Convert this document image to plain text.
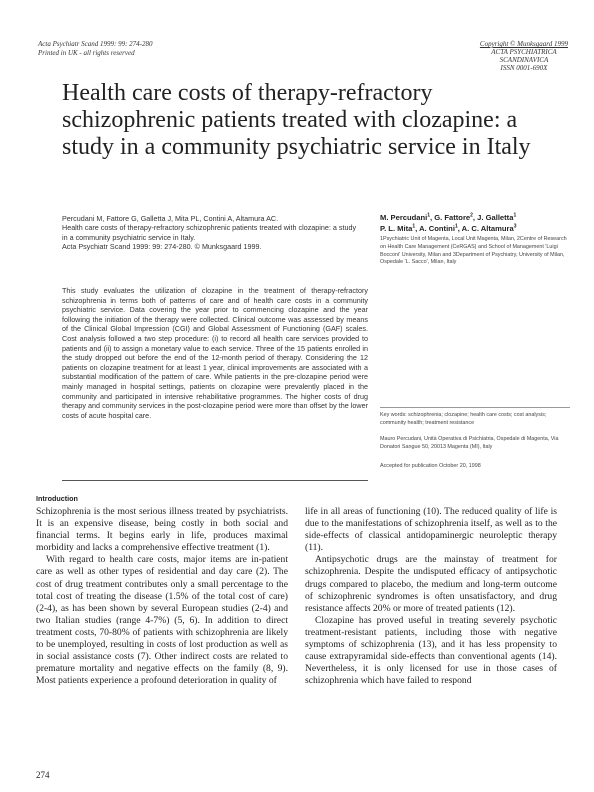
Acta Psychiatr Scand 1999: 99: 274-280
Printed in UK - all rights reserved
Copyright © Munksgaard 1999
ACTA PSYCHIATRICA
SCANDINAVICA
ISSN 0001-690X
Health care costs of therapy-refractory schizophrenic patients treated with clozapine: a study in a community psychiatric service in Italy
Percudani M, Fattore G, Galletta J, Mita PL, Contini A, Altamura AC.
Health care costs of therapy-refractory schizophrenic patients treated with clozapine: a study in a community psychiatric service in Italy.
Acta Psychiatr Scand 1999: 99: 274-280. © Munksgaard 1999.
This study evaluates the utilization of clozapine in the treatment of therapy-refractory schizophrenia in terms both of patterns of care and of health care costs in a community psychiatric service. Data covering the year prior to commencing clozapine and the year following the initiation of the therapy were collected. Clinical outcome was assessed by means of the Clinical Global Impression (CGI) and Global Assessment of Functioning (GAF) scales. Cost analysis followed a two step procedure: (i) to record all health care services provided to patients and (ii) to assign a monetary value to each service. Three of the 15 patients enrolled in the study dropped out before the end of the 12-month period of therapy. Considering the 12 patients on clozapine treatment for at least 1 year, clinical improvements are associated with a substantial modification of the pattern of care. While patients in the pre-clozapine period were mainly managed in hospital settings, patients on clozapine were prevalently placed in the community and participated in intensive rehabilitative programmes. The higher costs of drug therapy and community services in the post-clozapine period were more than offset by the lower costs of acute hospital care.
M. Percudani$^1$, G. Fattore$^2$, J. Galletta$^1$
P. L. Mita$^1$, A. Contini$^1$, A. C. Altamura$^3$
1Psychiatric Unit of Magenta, Local Unit Magenta, Milan, 2Centre of Research on Health Care Management (CeRGAS) and School of Management 'Luigi Bocconi' University, Milan and 3Department of Psychiatry, University of Milan, Ospedale 'L. Sacco', Milan, Italy
Key words: schizophrenia; clozapine; health care costs; cost analysis; community health; treatment resistance
Mauro Percudani, Unità Operativa di Psichiatria, Ospedale di Magenta, Via Donatori Sangue 50, 20013 Magenta (MI), Italy
Accepted for publication October 20, 1998
Introduction

Schizophrenia is the most serious illness treated by psychiatrists. It is an expensive disease, being costly in both social and financial terms. It begins early in life, produces maximal morbidity and lacks a comprehensive effective treatment (1).

With regard to health care costs, major items are in-patient care as well as other types of residential and day care (2). The cost of drug treatment contributes only a small percentage to the total cost of treating the disease (1.5% of the total cost of care) (2-4), as has been shown by several European studies (2-4) and two Italian studies (range 4-7%) (5, 6). In addition to direct treatment costs, 70-80% of patients with schizophrenia are likely to be unemployed, resulting in costs of lost production as well as in social assistance costs (7). Other indirect costs are related to premature mortality and negative effects on the family (8, 9). Most patients experience a profound deterioration in quality of

life in all areas of functioning (10). The reduced quality of life is due to the manifestations of schizophrenia itself, as well as to the side-effects of classical antidopaminergic neuroleptic therapy (11).

Antipsychotic drugs are the mainstay of treatment for schizophrenia. Despite the undisputed efficacy of antipsychotic drugs compared to placebo, the medium and long-term outcome of schizophrenic syndromes is often unsatisfactory, and drug resistance affects 20% or more of treated patients (12).

Clozapine has proved useful in treating severely psychotic treatment-resistant patients, including those with negative symptoms of schizophrenia (13), and it has less propensity to cause extrapyramidal side-effects than conventional agents (14). Nevertheless, it is only licensed for use in those cases of schizophrenia which have failed to respond

274
